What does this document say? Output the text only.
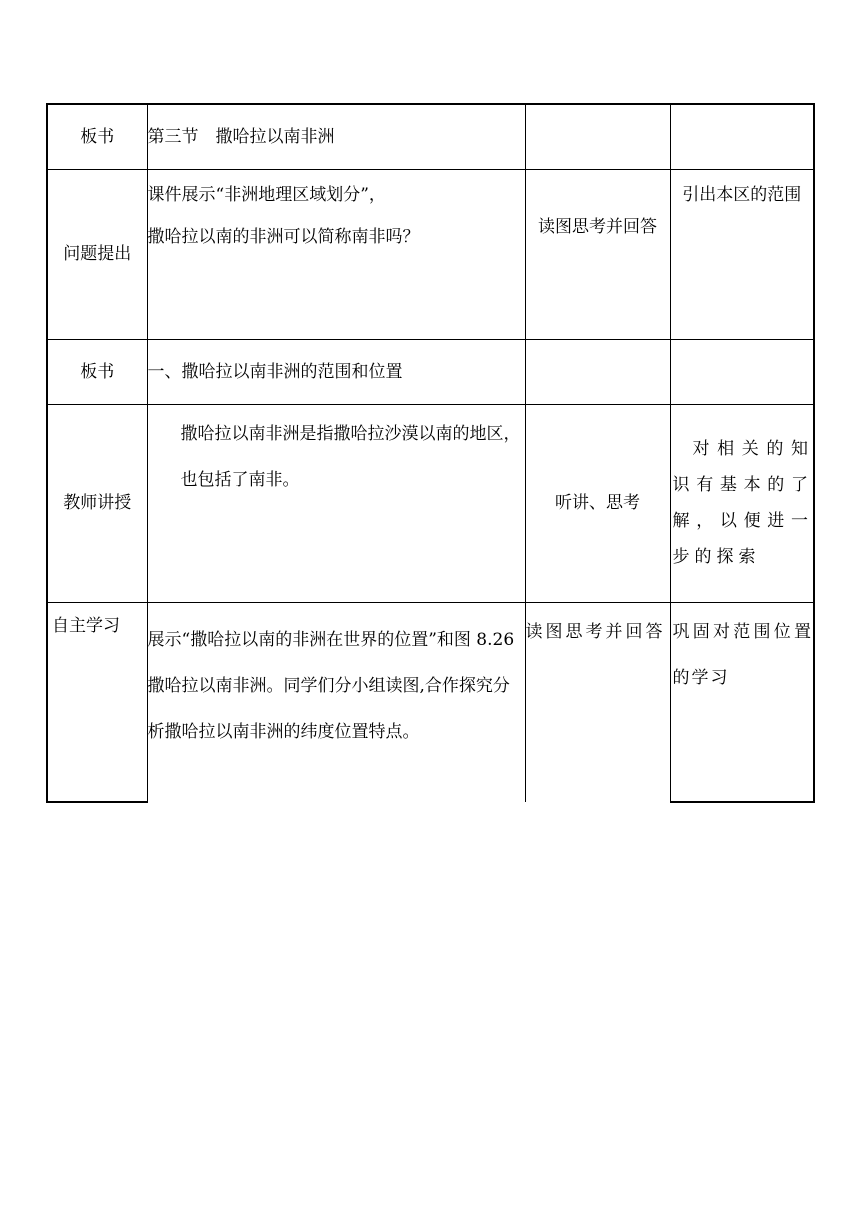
板书	第三节　撒哈拉以南非洲		

问题提出	课件展示“非洲地理区域划分”，
撒哈拉以南的非洲可以简称南非吗？	读图思考并回答	引出本区的范围
板书	一、撒哈拉以南非洲的范围和位置		

教师讲授	撒哈拉以南非洲是指撒哈拉沙漠以南的地区，也包括了南非。	听讲、思考	对相关的知识有基本的了解，以便进一步的探索
自主学习	展示“撒哈拉以南的非洲在世界的位置”和图 8.26 撒哈拉以南非洲。同学们分小组读图,合作探究分析撒哈拉以南非洲的纬度位置特点。	读图思考并回答	巩固对范围位置的学习
